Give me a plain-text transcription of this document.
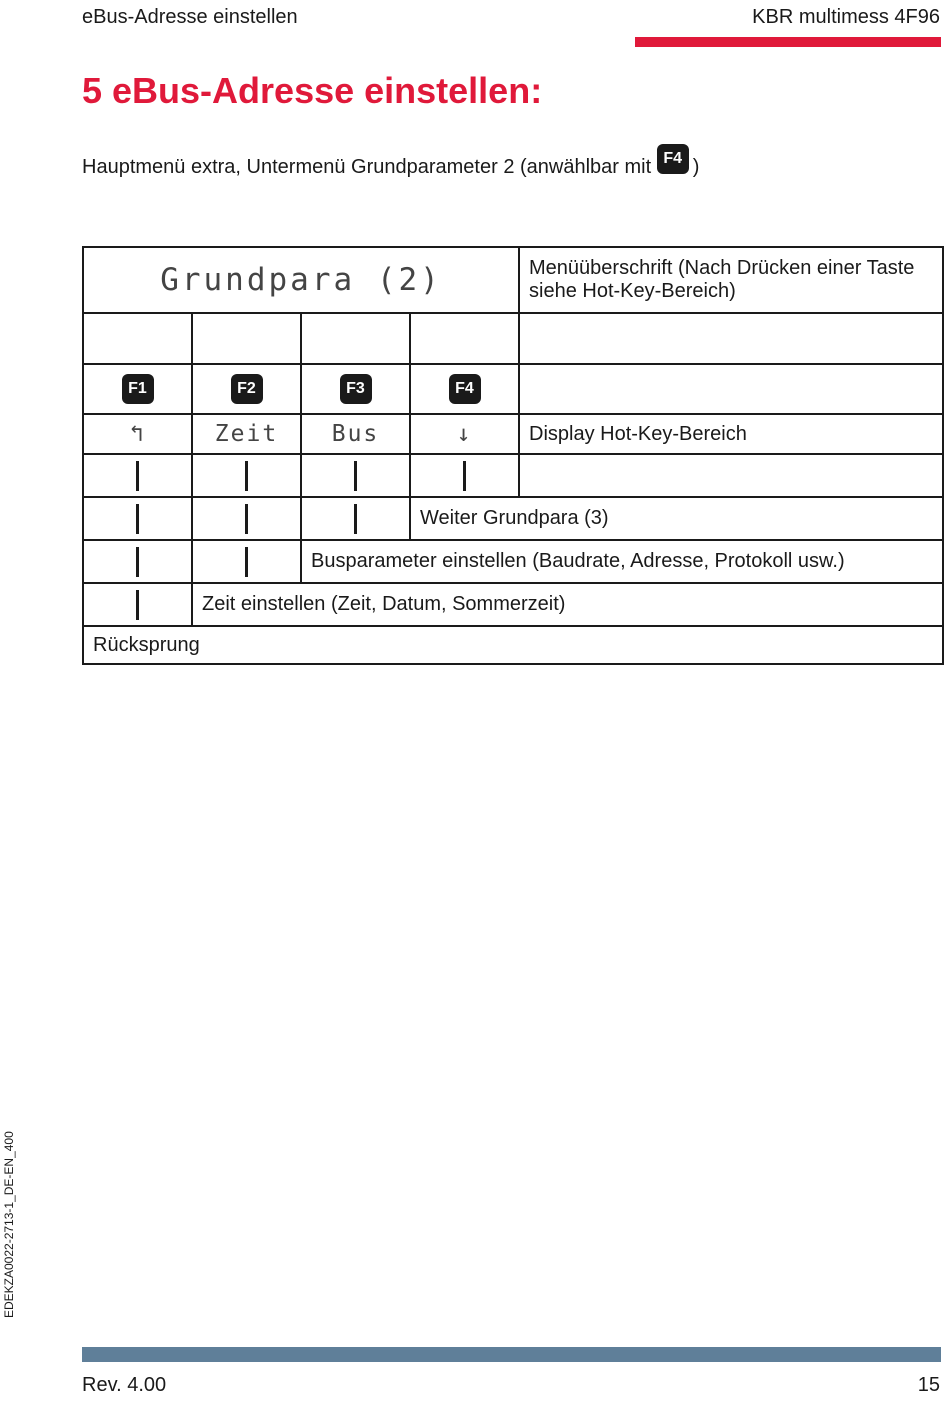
eBus-Adresse einstellen	KBR multimess 4F96
5 eBus-Adresse einstellen:
Hauptmenü extra, Untermenü Grundparameter 2 (anwählbar mit F4 )
Grundpara (2)				Menüüberschrift (Nach Drücken einer Taste siehe Hot-Key-Bereich)

F1	F2	F3	F4	
↰	Zeit	Bus	↓	Display Hot-Key-Bereich

			Weiter Grundpara (3)	
		Busparameter einstellen (Baudrate, Adresse, Protokoll usw.)		
	Zeit einstellen (Zeit, Datum, Sommerzeit)			
Rücksprung				
EDEKZA0022-2713-1_DE-EN_400
Rev. 4.00	15
